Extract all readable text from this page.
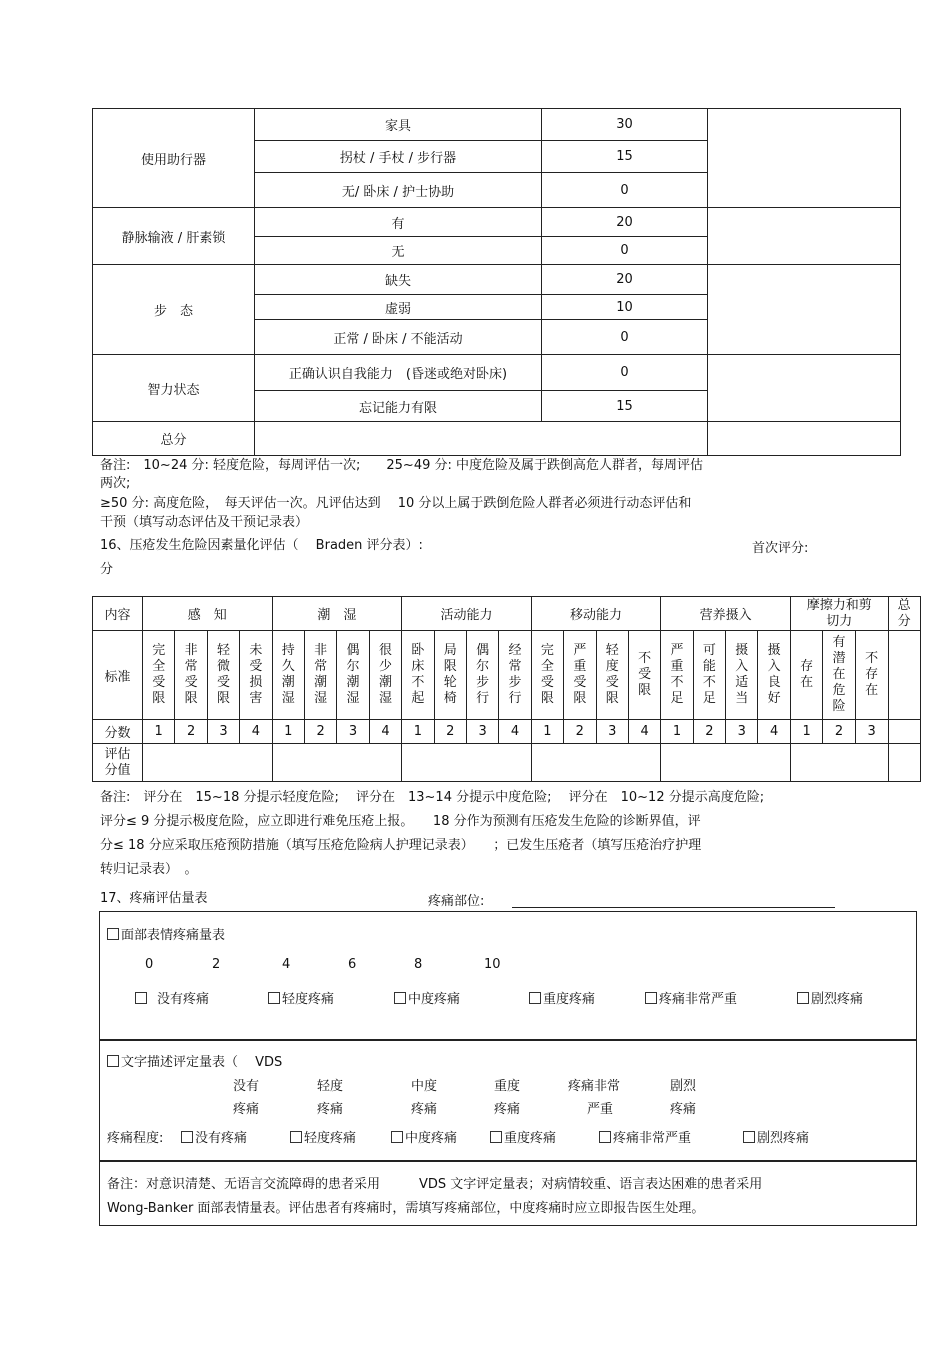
使用助行器	家具	30	
	拐杖 / 手杖 / 步行器	15	
	无/ 卧床 / 护士协助	0	
静脉输液 / 肝素锁	有	20	
	无	0	
步　态	缺失	20	
	虚弱	10	
	正常 / 卧床 / 不能活动	0	
智力状态	正确认识自我能力　(昏迷或绝对卧床)	0	
	忘记能力有限	15	
总分			
备注:　10~24 分: 轻度危险，每周评估一次;　　25~49 分: 中度危险及属于跌倒高危人群者，每周评估
两次;
≥50 分: 高度危险，　每天评估一次。凡评估达到　 10 分以上属于跌倒危险人群者必须进行动态评估和
干预（填写动态评估及干预记录表）
16、压疮发生危险因素量化评估（　 Braden 评分表）:	首次评分:
分
内容	感　知				潮　湿				活动能力				移动能力				营养摄入				摩擦力和剪切力			总分
标准	完全受限	非常受限	轻微受限	未受损害	持久潮湿	非常潮湿	偶尔潮湿	很少潮湿	卧床不起	局限轮椅	偶尔步行	经常步行	完全受限	严重受限	轻度受限	不受限	严重不足	可能不足	摄入适当	摄入良好	存在	有潜在危险	不存在	
分数	1	2	3	4	1	2	3	4	1	2	3	4	1	2	3	4	1	2	3	4	1	2	3	
评估分值																								
备注:　评分在　15~18 分提示轻度危险;　 评分在　13~14 分提示中度危险;　 评分在　10~12 分提示高度危险;
评分≤ 9 分提示极度危险，应立即进行难免压疮上报。　　18 分作为预测有压疮发生危险的诊断界值，评
分≤ 18 分应采取压疮预防措施（填写压疮危险病人护理记录表）　　；已发生压疮者（填写压疮治疗护理
转归记录表）　。
17、疼痛评估量表	疼痛部位:
面部表情疼痛量表
0	2	4	6	8	10
没有疼痛	轻度疼痛	中度疼痛	重度疼痛	疼痛非常严重	剧烈疼痛
文字描述评定量表（　 VDS
没有	轻度	中度	重度	疼痛非常	剧烈
疼痛	疼痛	疼痛	疼痛	严重	疼痛
疼痛程度:	没有疼痛	轻度疼痛	中度疼痛	重度疼痛	疼痛非常严重	剧烈疼痛
备注：对意识清楚、无语言交流障碍的患者采用　　　VDS 文字评定量表；对病情较重、语言表达困难的患者采用
Wong-Banker 面部表情量表。评估患者有疼痛时，需填写疼痛部位，中度疼痛时应立即报告医生处理。
